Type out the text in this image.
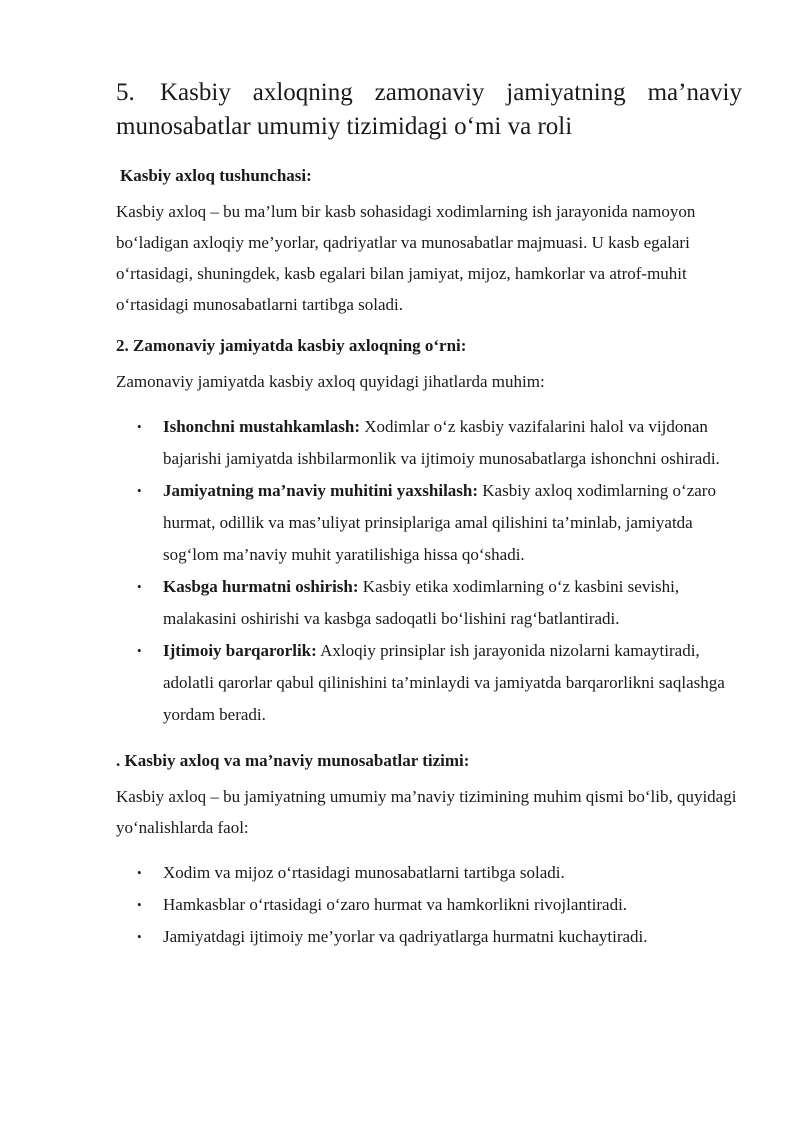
5. Kasbiy axloqning zamonaviy jamiyatning ma’naviy munosabatlar umumiy tizimidagi o‘mi va roli
Kasbiy axloq tushunchasi:

Kasbiy axloq – bu ma’lum bir kasb sohasidagi xodimlarning ish jarayonida namoyon bo‘ladigan axloqiy me’yorlar, qadriyatlar va munosabatlar majmuasi. U kasb egalari o‘rtasidagi, shuningdek, kasb egalari bilan jamiyat, mijoz, hamkorlar va atrof-muhit o‘rtasidagi munosabatlarni tartibga soladi.

2. Zamonaviy jamiyatda kasbiy axloqning o‘rni:

Zamonaviy jamiyatda kasbiy axloq quyidagi jihatlarda muhim:

• Ishonchni mustahkamlash: Xodimlar o‘z kasbiy vazifalarini halol va vijdonan bajarishi jamiyatda ishbilarmonlik va ijtimoiy munosabatlarga ishonchni oshiradi.
• Jamiyatning ma’naviy muhitini yaxshilash: Kasbiy axloq xodimlarning o‘zaro hurmat, odillik va mas’uliyat prinsiplariga amal qilishini ta’minlab, jamiyatda sog‘lom ma’naviy muhit yaratilishiga hissa qo‘shadi.
• Kasbga hurmatni oshirish: Kasbiy etika xodimlarning o‘z kasbini sevishi, malakasini oshirishi va kasbga sadoqatli bo‘lishini rag‘batlantiradi.
• Ijtimoiy barqarorlik: Axloqiy prinsiplar ish jarayonida nizolarni kamaytiradi, adolatli qarorlar qabul qilinishini ta’minlaydi va jamiyatda barqarorlikni saqlashga yordam beradi.
. Kasbiy axloq va ma’naviy munosabatlar tizimi:

Kasbiy axloq – bu jamiyatning umumiy ma’naviy tizimining muhim qismi bo‘lib, quyidagi yo‘nalishlarda faol:

• Xodim va mijoz o‘rtasidagi munosabatlarni tartibga soladi.
• Hamkasblar o‘rtasidagi o‘zaro hurmat va hamkorlikni rivojlantiradi.
• Jamiyatdagi ijtimoiy me’yorlar va qadriyatlarga hurmatni kuchaytiradi.
